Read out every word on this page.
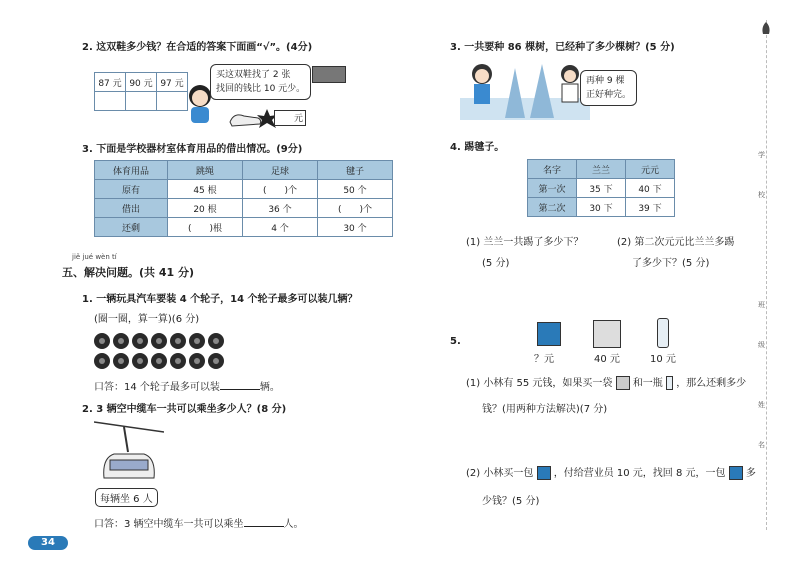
2. 这双鞋多少钱？在合适的答案下面画“√”。(4分)
87 元	90 元	97 元

买这双鞋找了 2 张
找回的钱比 10 元少。
元
3. 下面是学校器材室体育用品的借出情况。(9分)
体育用品	跳绳	足球	毽子
原有	45 根	(　　)个	50 个
借出	20 根	36 个	(　　)个
还剩	(　　)根	4 个	30 个
jiě jué wèn tí
五、解决问题。(共 41 分)
1. 一辆玩具汽车要装 4 个轮子，14 个轮子最多可以装几辆？
(圈一圈，算一算)(6 分)
口答：14 个轮子最多可以装	辆。
2. 3 辆空中缆车一共可以乘坐多少人？(8 分)
每辆坐 6 人
口答：3 辆空中缆车一共可以乘坐	人。
34
3. 一共要种 86 棵树，已经种了多少棵树？(5 分)
再种 9 棵
正好种完。
4. 踢毽子。
名字	兰兰	元元
第一次	35 下	40 下
第二次	30 下	39 下
(1) 兰兰一共踢了多少下？	(2) 第二次元元比兰兰多踢
(5 分)	了多少下？(5 分)
5.
？元	40 元	10 元
(1) 小林有 55 元钱，如果买一袋 和一瓶 ，那么还剩多少
钱？(用两种方法解决)(7 分)
(2) 小林买一包 ，付给营业员 10 元，找回 8 元，一包 多
少钱？(5 分)
学
校
班
级
姓
名
